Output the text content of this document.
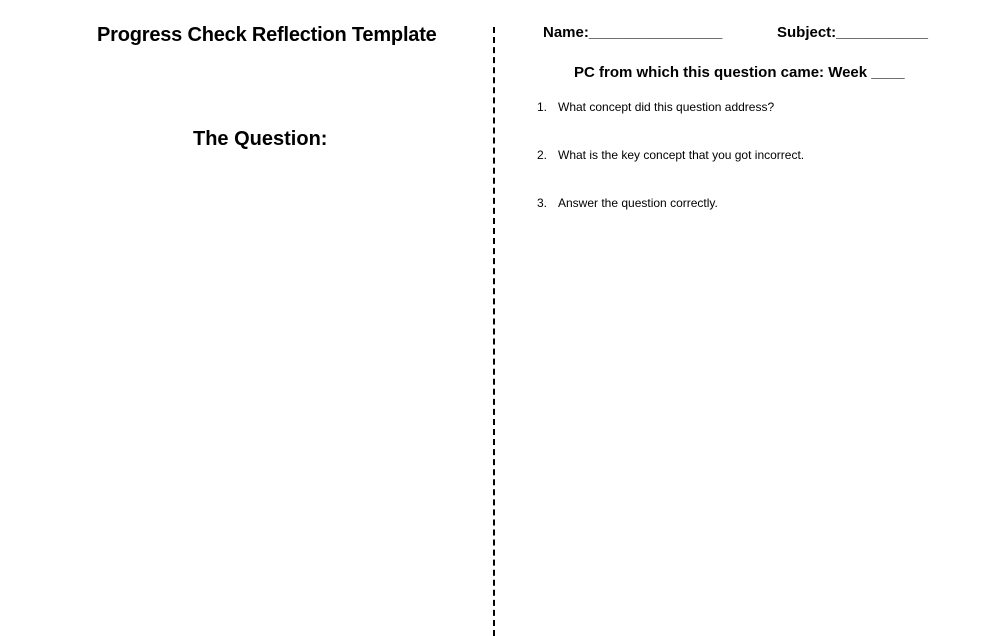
Progress Check Reflection Template
The Question:
Name:________________	Subject:___________
PC from which this question came: Week ____
1. What concept did this question address?
2. What is the key concept that you got incorrect.
3. Answer the question correctly.
